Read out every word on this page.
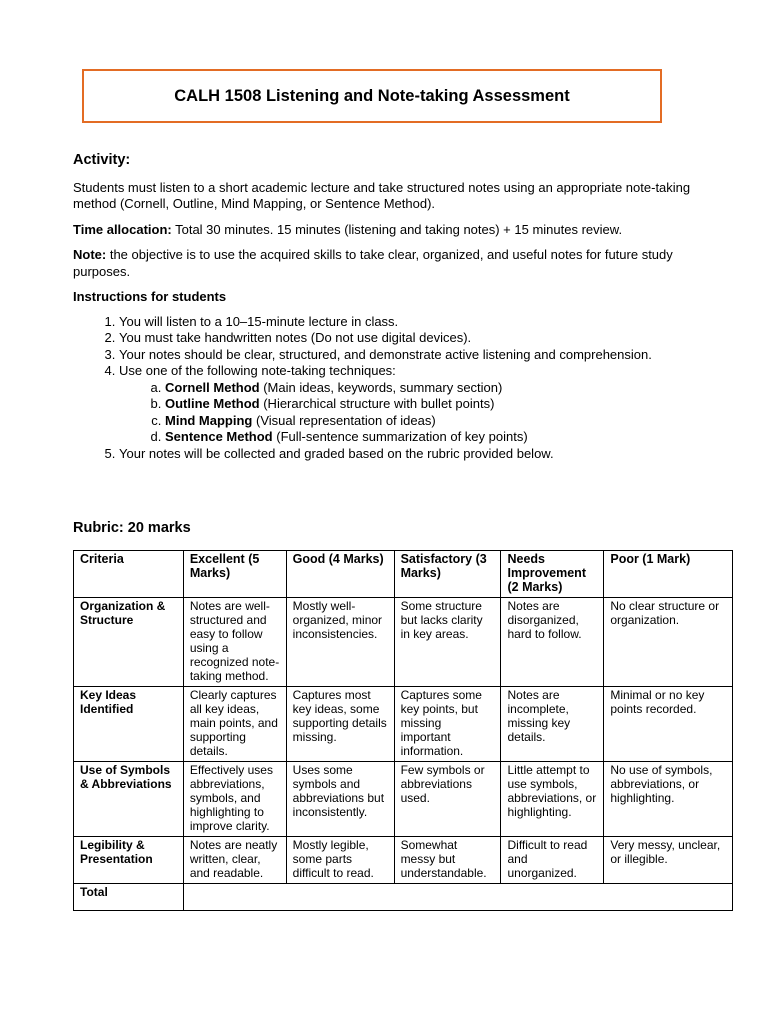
CALH 1508 Listening and Note-taking Assessment
Activity:

Students must listen to a short academic lecture and take structured notes using an appropriate note-taking method (Cornell, Outline, Mind Mapping, or Sentence Method).

Time allocation: Total 30 minutes. 15 minutes (listening and taking notes) + 15 minutes review.

Note: the objective is to use the acquired skills to take clear, organized, and useful notes for future study purposes.

Instructions for students
1. You will listen to a 10–15-minute lecture in class.
2. You must take handwritten notes (Do not use digital devices).
3. Your notes should be clear, structured, and demonstrate active listening and comprehension.
4. Use one of the following note-taking techniques:
a. Cornell Method (Main ideas, keywords, summary section)
b. Outline Method (Hierarchical structure with bullet points)
c. Mind Mapping (Visual representation of ideas)
d. Sentence Method (Full-sentence summarization of key points)
5. Your notes will be collected and graded based on the rubric provided below.
Rubric: 20 marks
Criteria	Excellent (5 Marks)	Good (4 Marks)	Satisfactory (3 Marks)	Needs Improvement (2 Marks)	Poor (1 Mark)
Organization & Structure	Notes are well-structured and easy to follow using a recognized note-taking method.	Mostly well-organized, minor inconsistencies.	Some structure but lacks clarity in key areas.	Notes are disorganized, hard to follow.	No clear structure or organization.
Key Ideas Identified	Clearly captures all key ideas, main points, and supporting details.	Captures most key ideas, some supporting details missing.	Captures some key points, but missing important information.	Notes are incomplete, missing key details.	Minimal or no key points recorded.
Use of Symbols & Abbreviations	Effectively uses abbreviations, symbols, and highlighting to improve clarity.	Uses some symbols and abbreviations but inconsistently.	Few symbols or abbreviations used.	Little attempt to use symbols, abbreviations, or highlighting.	No use of symbols, abbreviations, or highlighting.
Legibility & Presentation	Notes are neatly written, clear, and readable.	Mostly legible, some parts difficult to read.	Somewhat messy but understandable.	Difficult to read and unorganized.	Very messy, unclear, or illegible.
Total					
